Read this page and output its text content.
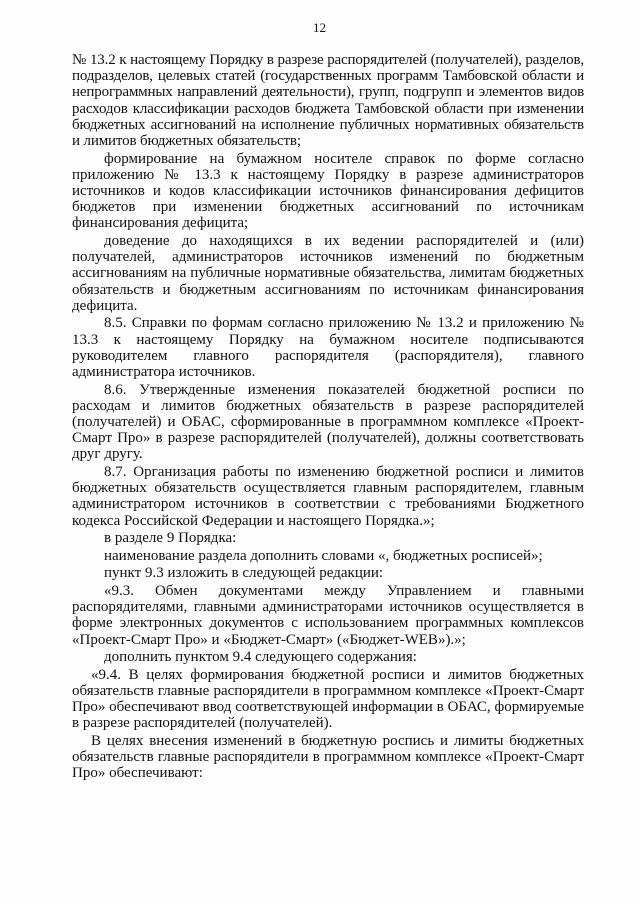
12

№ 13.2 к настоящему Порядку в разрезе распорядителей (получателей), разделов, подразделов, целевых статей (государственных программ Тамбовской области и непрограммных направлений деятельности), групп, подгрупп и элементов видов расходов классификации расходов бюджета Тамбовской области при изменении бюджетных ассигнований на исполнение публичных нормативных обязательств и лимитов бюджетных обязательств;

формирование на бумажном носителе справок по форме согласно приложению № 13.3 к настоящему Порядку в разрезе администраторов источников и кодов классификации источников финансирования дефицитов бюджетов при изменении бюджетных ассигнований по источникам финансирования дефицита;

доведение до находящихся в их ведении распорядителей и (или) получателей, администраторов источников изменений по бюджетным ассигнованиям на публичные нормативные обязательства, лимитам бюджетных обязательств и бюджетным ассигнованиям по источникам финансирования дефицита.

8.5. Справки по формам согласно приложению № 13.2 и приложению № 13.3 к настоящему Порядку на бумажном носителе подписываются руководителем главного распорядителя (распорядителя), главного администратора источников.

8.6. Утвержденные изменения показателей бюджетной росписи по расходам и лимитов бюджетных обязательств в разрезе распорядителей (получателей) и ОБАС, сформированные в программном комплексе «Проект-Смарт Про» в разрезе распорядителей (получателей), должны соответствовать друг другу.

8.7. Организация работы по изменению бюджетной росписи и лимитов бюджетных обязательств осуществляется главным распорядителем, главным администратором источников в соответствии с требованиями Бюджетного кодекса Российской Федерации и настоящего Порядка.»;

в разделе 9 Порядка:

наименование раздела дополнить словами «, бюджетных росписей»;

пункт 9.3 изложить в следующей редакции:

«9.3. Обмен документами между Управлением и главными распорядителями, главными администраторами источников осуществляется в форме электронных документов с использованием программных комплексов «Проект-Смарт Про» и «Бюджет-Смарт» («Бюджет-WEB»).»;

дополнить пунктом 9.4 следующего содержания:

«9.4. В целях формирования бюджетной росписи и лимитов бюджетных обязательств главные распорядители в программном комплексе «Проект-Смарт Про» обеспечивают ввод соответствующей информации в ОБАС, формируемые в разрезе распорядителей (получателей).

В целях внесения изменений в бюджетную роспись и лимиты бюджетных обязательств главные распорядители в программном комплексе «Проект-Смарт Про» обеспечивают:
